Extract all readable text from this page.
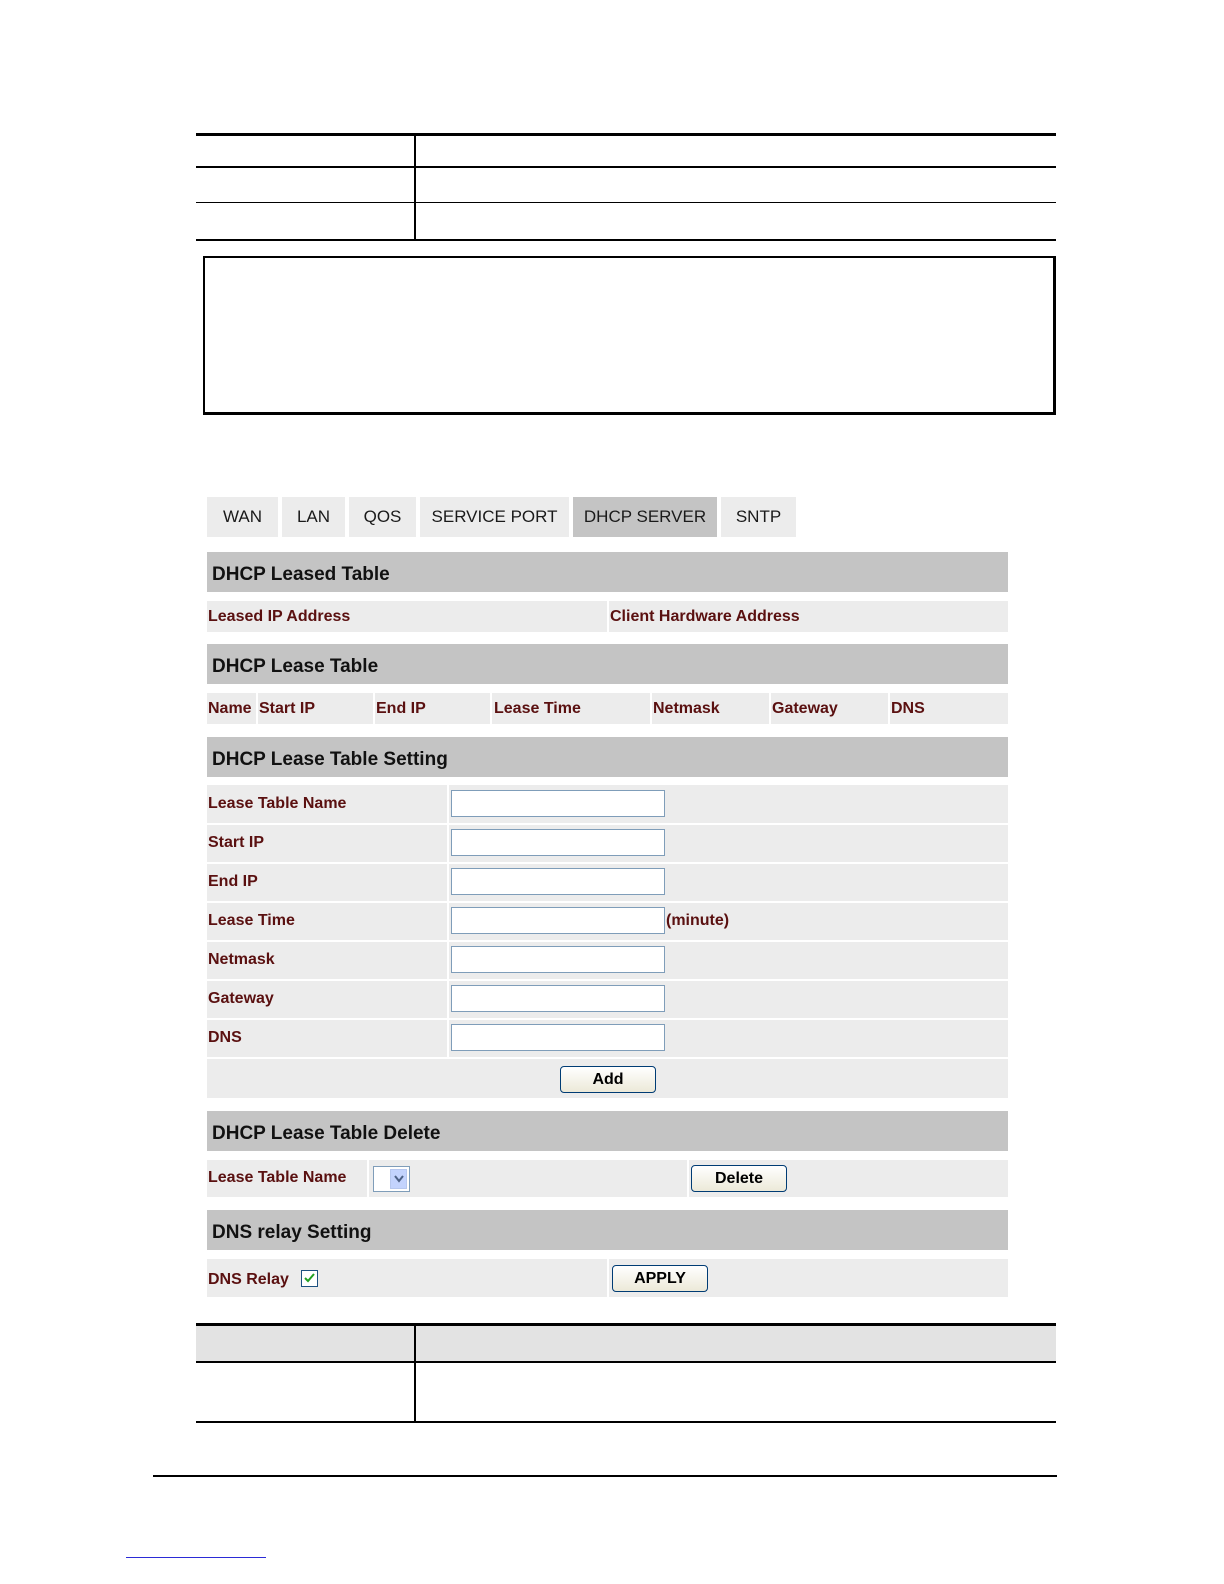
WAN	LAN	QOS	SERVICE PORT	DHCP SERVER	SNTP
DHCP Leased Table
Leased IP Address	Client Hardware Address
DHCP Lease Table
Name Start IP	End IP	Lease Time	Netmask	Gateway	DNS
DHCP Lease Table Setting
Lease Table Name
Start IP
End IP
Lease Time	(minute)
Netmask
Gateway
DNS
Add
DHCP Lease Table Delete
Lease Table Name	Delete
DNS relay Setting
DNS Relay	APPLY
